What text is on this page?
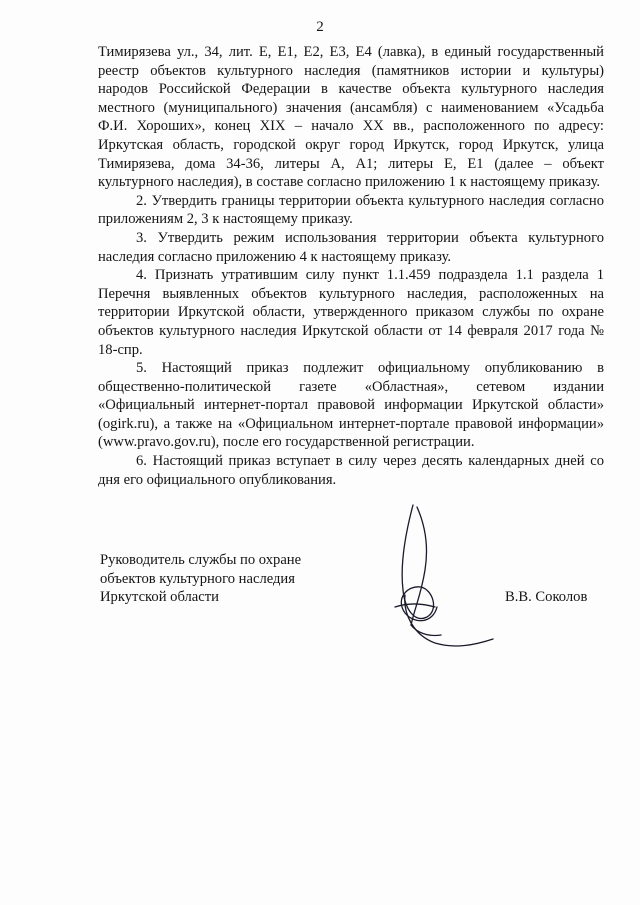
2

Тимирязева ул., 34, лит. Е, Е1, Е2, Е3, Е4 (лавка), в единый государственный реестр объектов культурного наследия (памятников истории и культуры) народов Российской Федерации в качестве объекта культурного наследия местного (муниципального) значения (ансамбля) с наименованием «Усадьба Ф.И. Хороших», конец XIX – начало XX вв., расположенного по адресу: Иркутская область, городской округ город Иркутск, город Иркутск, улица Тимирязева, дома 34-36, литеры А, А1; литеры Е, Е1 (далее – объект культурного наследия), в составе согласно приложению 1 к настоящему приказу.

2. Утвердить границы территории объекта культурного наследия согласно приложениям 2, 3 к настоящему приказу.

3. Утвердить режим использования территории объекта культурного наследия согласно приложению 4 к настоящему приказу.

4. Признать утратившим силу пункт 1.1.459 подраздела 1.1 раздела 1 Перечня выявленных объектов культурного наследия, расположенных на территории Иркутской области, утвержденного приказом службы по охране объектов культурного наследия Иркутской области от 14 февраля 2017 года № 18-спр.

5. Настоящий приказ подлежит официальному опубликованию в общественно-политической газете «Областная», сетевом издании «Официальный интернет-портал правовой информации Иркутской области» (ogirk.ru), а также на «Официальном интернет-портале правовой информации» (www.pravo.gov.ru), после его государственной регистрации.

6. Настоящий приказ вступает в силу через десять календарных дней со дня его официального опубликования.

Руководитель службы по охране
объектов культурного наследия
Иркутской области	В.В. Соколов
